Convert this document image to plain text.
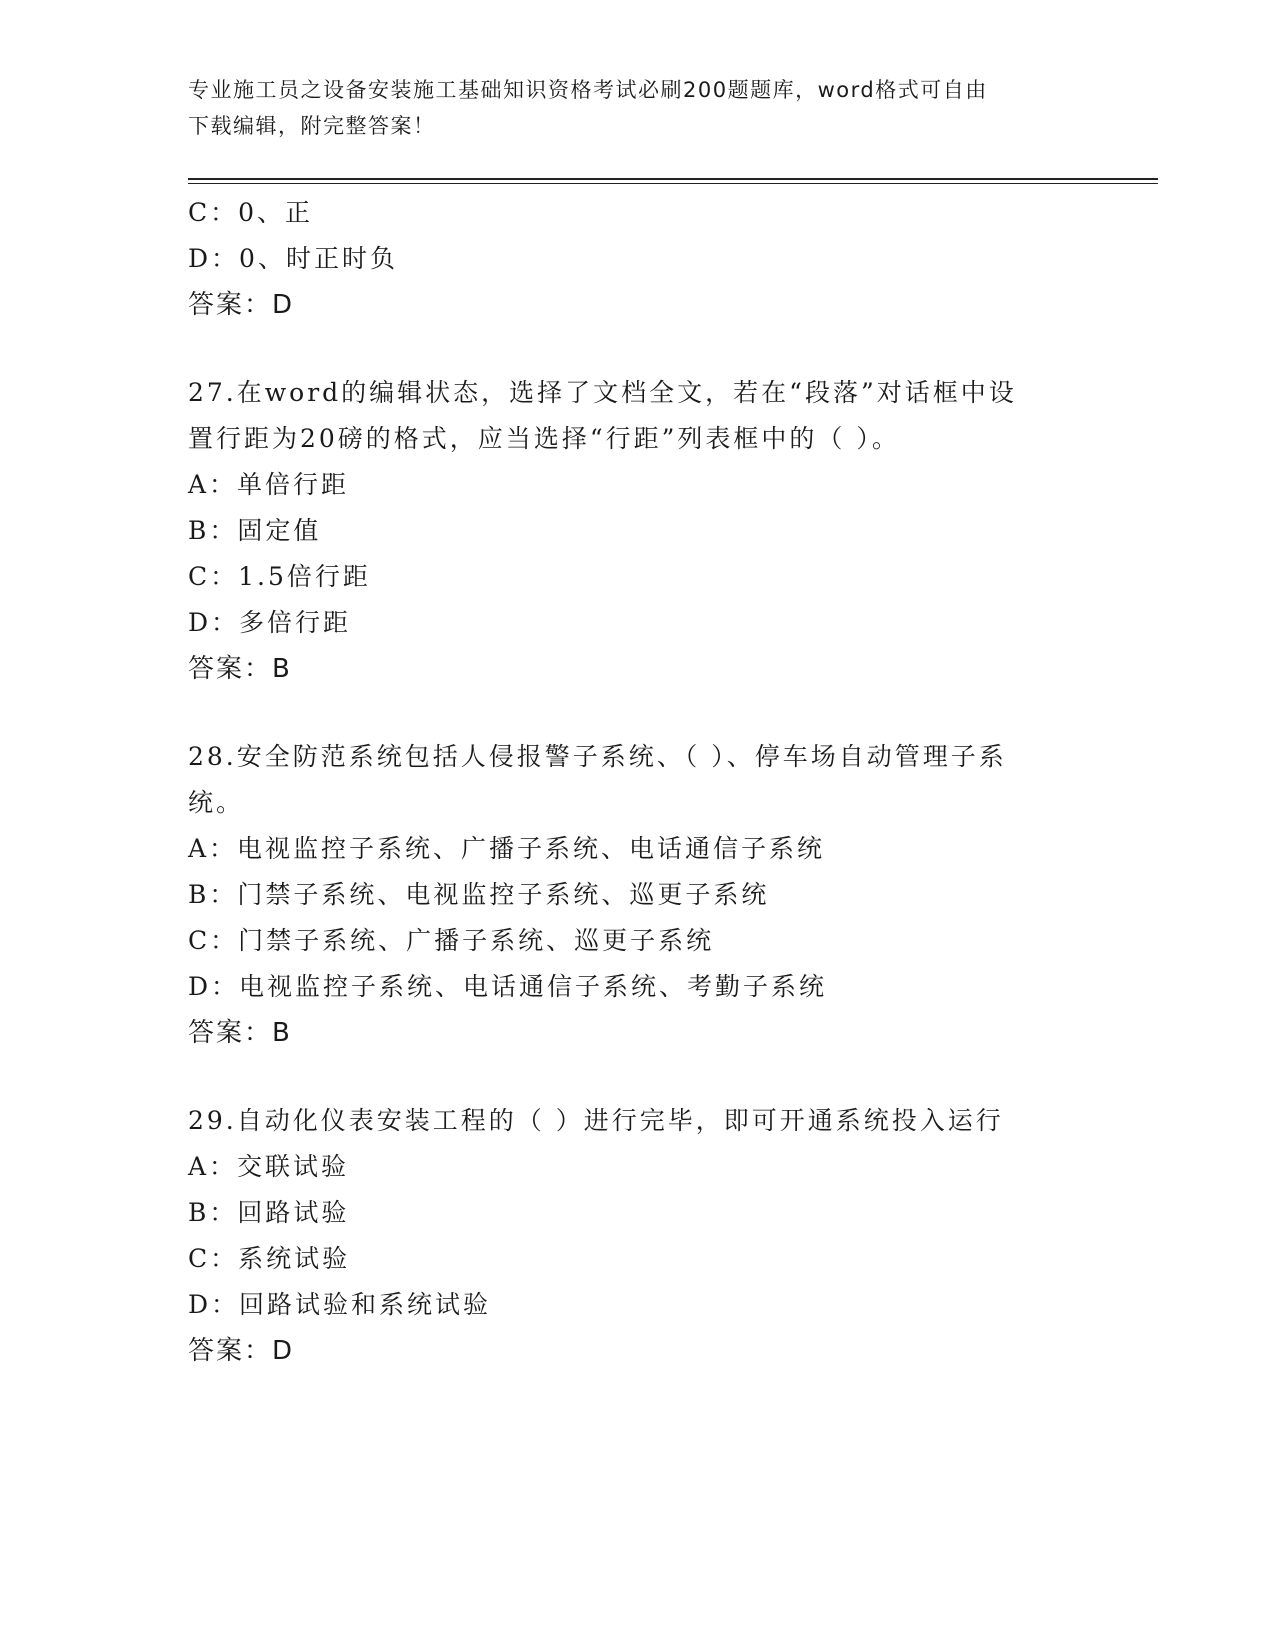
专业施工员之设备安装施工基础知识资格考试必刷200题题库，word格式可自由
下载编辑，附完整答案！
C：0、正
D：0、时正时负
答案：D
27.在word的编辑状态，选择了文档全文，若在“段落”对话框中设
置行距为20磅的格式，应当选择“行距”列表框中的（ ）。
A：单倍行距
B：固定值
C：1.5倍行距
D：多倍行距
答案：B
28.安全防范系统包括人侵报警子系统、（ ）、停车场自动管理子系
统。
A：电视监控子系统、广播子系统、电话通信子系统
B：门禁子系统、电视监控子系统、巡更子系统
C：门禁子系统、广播子系统、巡更子系统
D：电视监控子系统、电话通信子系统、考勤子系统
答案：B
29.自动化仪表安装工程的（ ）进行完毕，即可开通系统投入运行
A：交联试验
B：回路试验
C：系统试验
D：回路试验和系统试验
答案：D
